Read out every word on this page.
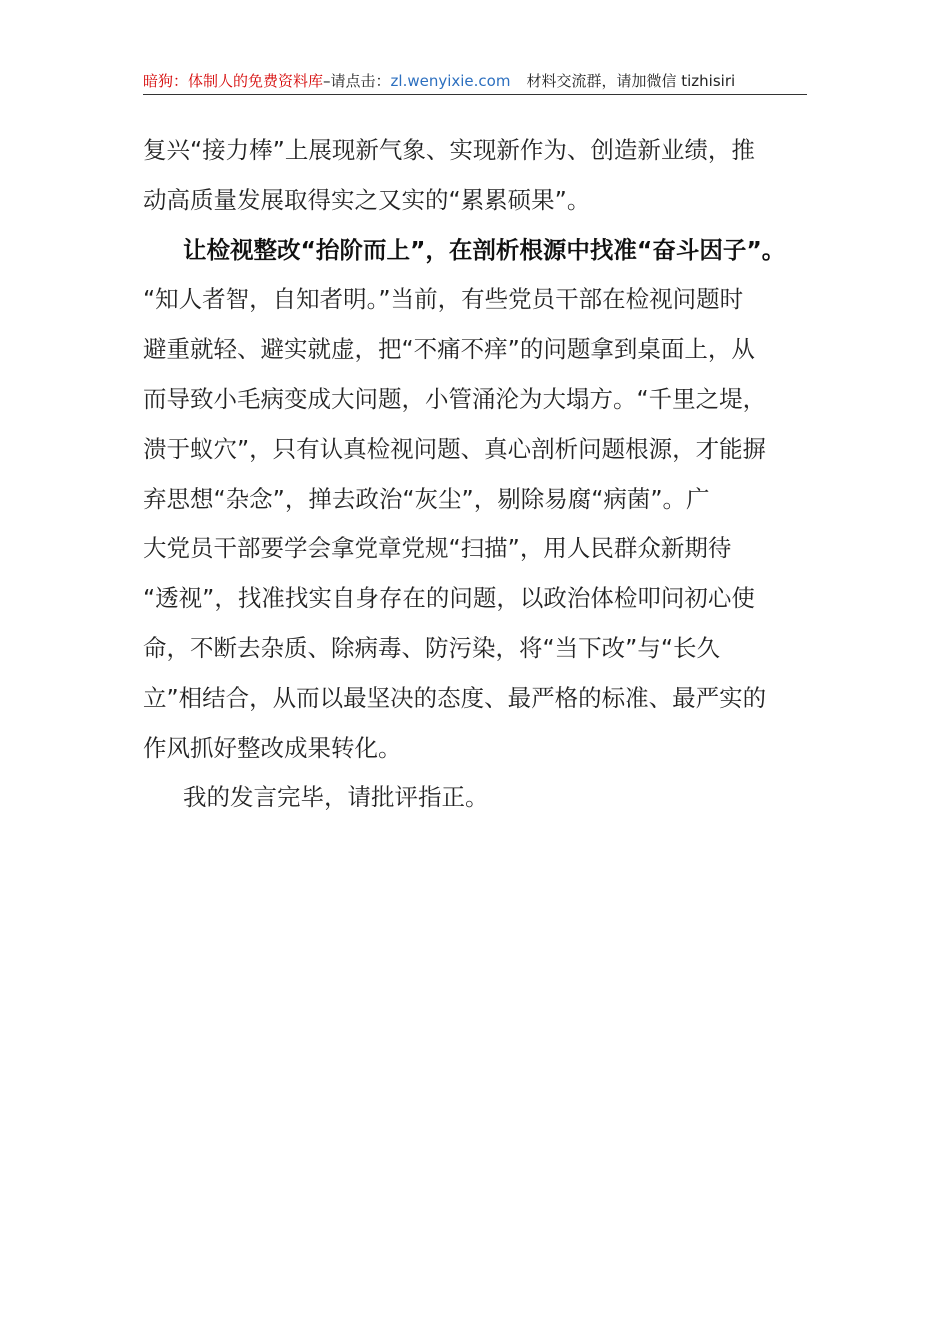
暗狗：体制人的免费资料库–请点击：zl.wenyixie.com 材料交流群，请加微信 tizhisiri
复兴“接力棒”上展现新气象、实现新作为、创造新业绩，推
动高质量发展取得实之又实的“累累硕果”。
让检视整改“抬阶而上”，在剖析根源中找准“奋斗因子”。
“知人者智，自知者明。”当前，有些党员干部在检视问题时
避重就轻、避实就虚，把“不痛不痒”的问题拿到桌面上，从
而导致小毛病变成大问题，小管涌沦为大塌方。“千里之堤，
溃于蚁穴”，只有认真检视问题、真心剖析问题根源，才能摒
弃思想“杂念”，掸去政治“灰尘”，剔除易腐“病菌”。广
大党员干部要学会拿党章党规“扫描”，用人民群众新期待
“透视”，找准找实自身存在的问题，以政治体检叩问初心使
命，不断去杂质、除病毒、防污染，将“当下改”与“长久
立”相结合，从而以最坚决的态度、最严格的标准、最严实的
作风抓好整改成果转化。
我的发言完毕，请批评指正。
